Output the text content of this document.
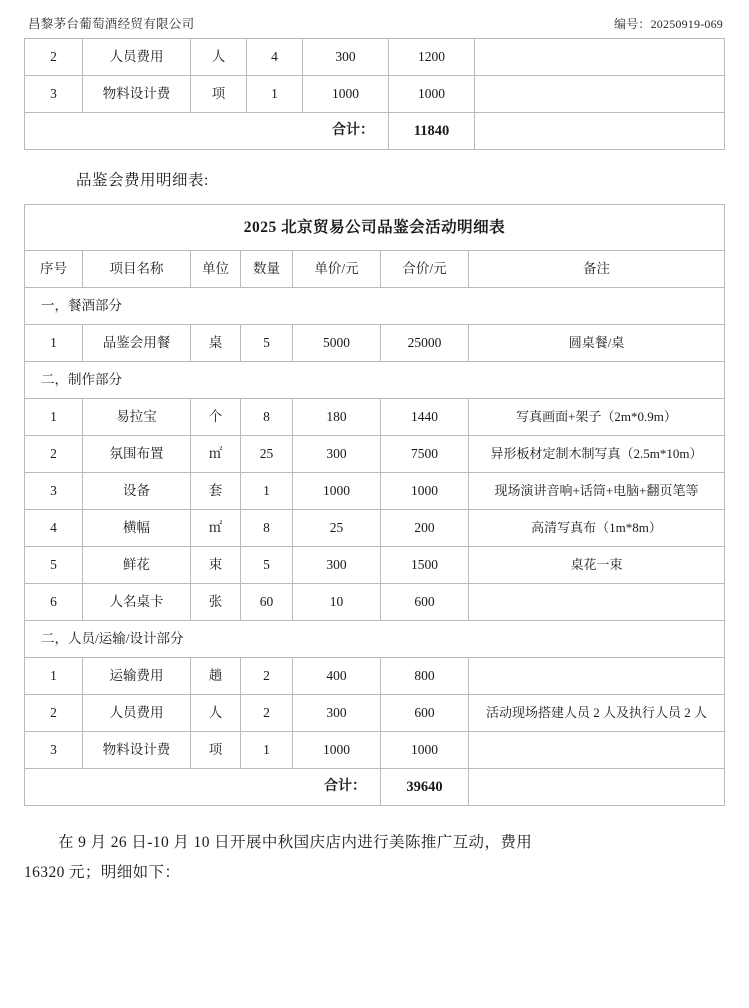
昌黎茅台葡萄酒经贸有限公司	编号：20250919-069
2	人员费用	人	4	300	1200	
3	物料设计费	项	1	1000	1000	
合计：					11840	
品鉴会费用明细表:
2025 北京贸易公司品鉴会活动明细表						
序号	项目名称	单位	数量	单价/元	合价/元	备注
一，餐酒部分						
1	品鉴会用餐	桌	5	5000	25000	圆桌餐/桌
二，制作部分						
1	易拉宝	个	8	180	1440	写真画面+架子（2m*0.9m）
2	氛围布置	㎡	25	300	7500	异形板材定制木制写真（2.5m*10m）
3	设备	套	1	1000	1000	现场演讲音响+话筒+电脑+翻页笔等
4	横幅	㎡	8	25	200	高清写真布（1m*8m）
5	鲜花	束	5	300	1500	桌花一束
6	人名桌卡	张	60	10	600	
二，人员/运输/设计部分						
1	运输费用	趟	2	400	800	
2	人员费用	人	2	300	600	活动现场搭建人员 2 人及执行人员 2 人
3	物料设计费	项	1	1000	1000	
合计：					39640	

在 9 月 26 日-10 月 10 日开展中秋国庆店内进行美陈推广互动，费用
16320 元；明细如下：
